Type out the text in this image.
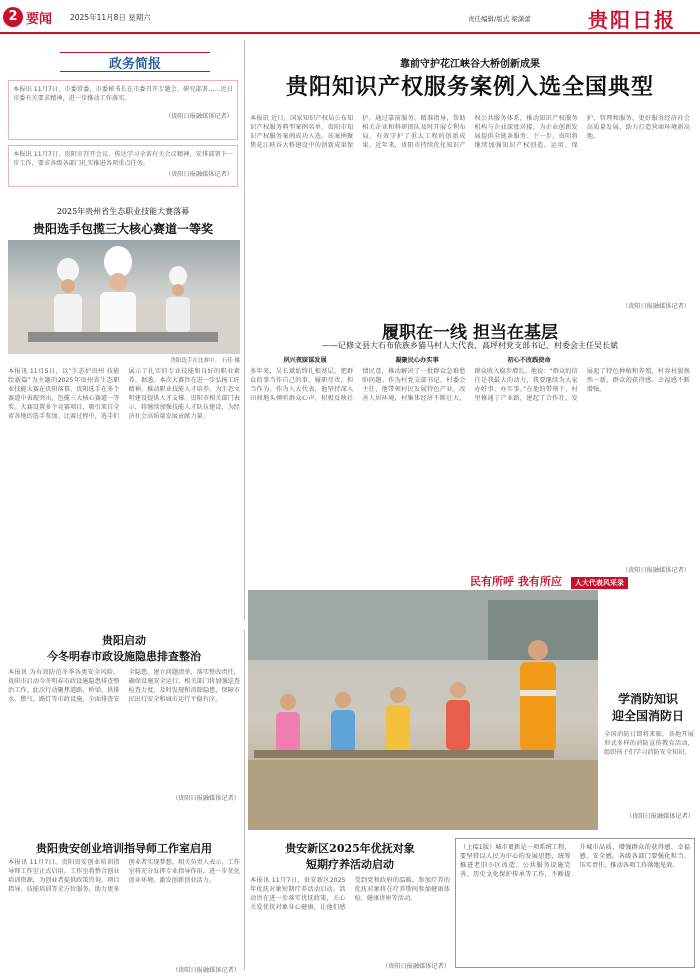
2 要闻 2025年11月8日 星期六	责任编辑/版式 梁潇蕾	贵阳日报
政务简报
本报讯 11月7日，市委常委、市委秘书长在市委召开专题会，研究部署……近日市委有关要求精神，进一步推动工作落实。
（贵阳日报融媒体记者）
本报讯 11月7日，贵阳市召开会议，传达学习全省有关会议精神，安排部署下一步工作，要求各级各部门扎实推进各项重点任务。
（贵阳日报融媒体记者）
2025年贵州省生态职业技能大赛落幕
贵阳选手包揽三大核心赛道一等奖
贵阳选手在比赛中。 石佳 摄
本报讯 11月5日，以“生态护贵州 技能绘新篇”为主题的2025年贵州省生态职业技能大赛在贵阳落幕。贵阳选手在多个赛道中表现突出，包揽三大核心赛道一等奖。大赛设置多个竞赛项目，吸引来自全省各地的选手参加。比赛过程中，选手们展示了扎实的专业技能和良好的职业素养。据悉，本次大赛旨在进一步弘扬工匠精神，推动职业技能人才培养，为生态文明建设提供人才支撑。贵阳市相关部门表示，将继续加强技能人才队伍建设，为经济社会高质量发展贡献力量。
靠前守护花江峡谷大桥创新成果
贵阳知识产权服务案例入选全国典型
本报讯 近日，国家知识产权局公布知识产权服务典型案例名单，贵阳市知识产权服务案例成功入选。该案例聚焦花江峡谷大桥建设中的创新成果保护，通过靠前服务、精准指导，帮助相关企业和科研团队及时开展专利布局，有效守护了重大工程的创新成果。近年来，贵阳市持续优化知识产权公共服务体系，推动知识产权服务机构与企业深度对接，为企业创新发展提供全链条服务。下一步，贵阳将继续加强知识产权创造、运用、保护、管理和服务，更好服务经济社会高质量发展，助力打造营商环境新高地。
（贵阳日报融媒体记者）
履职在一线 担当在基层
——记修文县大石布依族乡猫马村人大代表、高坪村党支部书记、村委会主任吴长斌
夙兴夜寐谋发展	凝聚民心办实事	初心不改践使命
多年来，吴长斌始终扎根基层，把群众的事当作自己的事，履职尽责、担当作为。作为人大代表，他坚持深入田间地头倾听群众心声，积极反映社情民意，推动解决了一批群众急难愁盼问题。作为村党支部书记、村委会主任，他带领村民发展特色产业，改善人居环境，村集体经济不断壮大，群众收入稳步增长。他说：“群众的信任是我最大的动力，我要继续为大家办好事、办实事。”在他的带领下，村里修通了产业路，建起了合作社，发展起了特色种植和养殖，村容村貌焕然一新，群众的获得感、幸福感不断增强。
（贵阳日报融媒体记者）
民有所呼 我有所应 人大代表风采录
学消防知识
迎全国消防日
全国消防日即将来临，各地开展形式多样的消防宣传教育活动，组织孩子们学习消防安全知识。
（贵阳日报融媒体记者）
贵阳启动
今冬明春市政设施隐患排查整治
本报讯 为有效防范冬季各类安全风险，贵阳市启动今冬明春市政设施隐患排查整治工作。此次行动聚焦道路、桥梁、供排水、燃气、路灯等市政设施，全面排查安全隐患，建立问题清单，落实整改责任，确保设施安全运行。相关部门将加强巡查检查力度，及时发现和消除隐患，保障市民出行安全和城市运行平稳有序。
（贵阳日报融媒体记者）
贵阳贵安创业培训指导师工作室启用
本报讯 11月7日，贵阳贵安创业培训指导师工作室正式启用。工作室将整合创业培训资源，为创业者提供政策咨询、项目指导、技能培训等全方位服务，助力更多创业者实现梦想。相关负责人表示，工作室将充分发挥专业指导作用，进一步优化创业环境，激发创新创业活力。
（贵阳日报融媒体记者）
贵安新区2025年优抚对象
短期疗养活动启动
本报讯 11月7日，贵安新区2025年优抚对象短期疗养活动启动。活动旨在进一步落实优抚政策，关心关爱优抚对象身心健康，让他们感受到党和政府的温暖。参加疗养的优抚对象将在疗养期间参加健康体检、健康讲座等活动。
（贵阳日报融媒体记者）
（上接1版）城市更新是一项系统工程，要坚持以人民为中心的发展思想，统筹推进老旧小区改造、公共服务设施完善、历史文化保护传承等工作，不断提升城市品质，增强群众的获得感、幸福感、安全感。各级各部门要强化担当、压实责任，推动各项工作落地见效。
